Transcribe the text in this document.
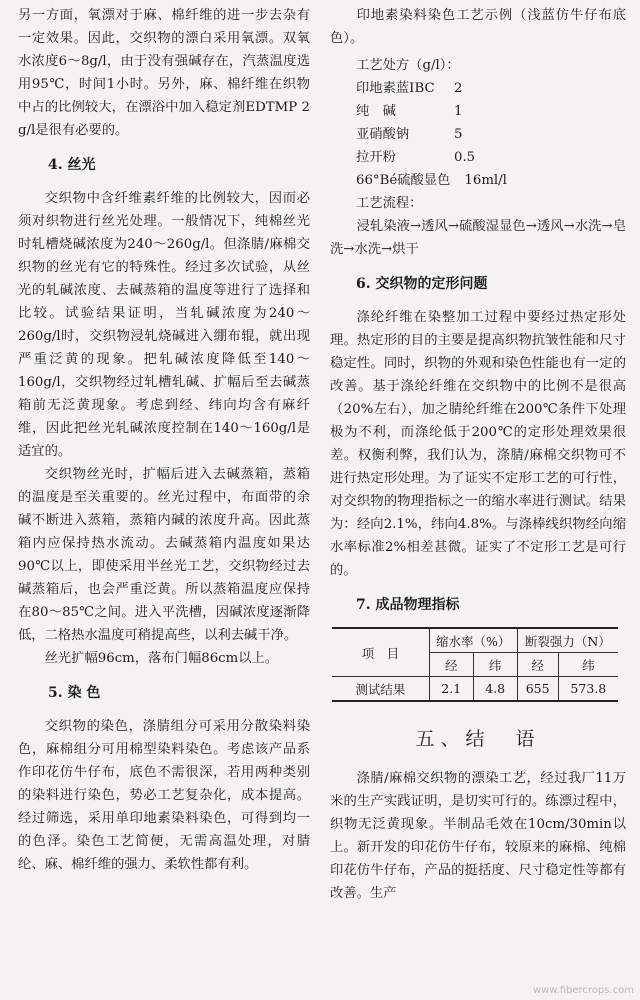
另一方面，氧漂对于麻、棉纤维的进一步去杂有一定效果。因此，交织物的漂白采用氧漂。双氧水浓度6～8g/l，由于没有强碱存在，汽蒸温度选用95℃，时间1小时。另外，麻、棉纤维在织物中占的比例较大，在漂浴中加入稳定剂EDTMP 2 g/l是很有必要的。

4. 丝光

交织物中含纤维素纤维的比例较大，因而必须对织物进行丝光处理。一般情况下，纯棉丝光时轧槽烧碱浓度为240～260g/l。但涤腈/麻棉交织物的丝光有它的特殊性。经过多次试验，从丝光的轧碱浓度、去碱蒸箱的温度等进行了选择和比较。试验结果证明，当轧碱浓度为240～260g/l时，交织物浸轧烧碱进入绷布辊，就出现严重泛黄的现象。把轧碱浓度降低至140～160g/l，交织物经过轧槽轧碱、扩幅后至去碱蒸箱前无泛黄现象。考虑到经、纬向均含有麻纤维，因此把丝光轧碱浓度控制在140～160g/l是适宜的。

交织物丝光时，扩幅后进入去碱蒸箱，蒸箱的温度是至关重要的。丝光过程中，布面带的余碱不断进入蒸箱，蒸箱内碱的浓度升高。因此蒸箱内应保持热水流动。去碱蒸箱内温度如果达90℃以上，即使采用半丝光工艺，交织物经过去碱蒸箱后，也会严重泛黄。所以蒸箱温度应保持在80～85℃之间。进入平洗槽，因碱浓度逐渐降低，二格热水温度可稍提高些，以利去碱干净。

丝光扩幅96cm，落布门幅86cm以上。

5. 染 色

交织物的染色，涤腈组分可采用分散染料染色，麻棉组分可用棉型染料染色。考虑该产品系作印花仿牛仔布，底色不需很深，若用两种类别的染料进行染色，势必工艺复杂化，成本提高。经过筛选，采用单印地素染料染色，可得到均一的色泽。染色工艺简便，无需高温处理，对腈纶、麻、棉纤维的强力、柔软性都有利。

印地素染料染色工艺示例（浅蓝仿牛仔布底色）。

工艺处方（g/l）：
印地素蓝IBC 2
纯　碱	1
亚硝酸钠	5
拉开粉	0.5
66°Bé硫酸显色 16ml/l
工艺流程：

浸轧染液→透风→硫酸湿显色→透风→水洗→皂洗→水洗→烘干

6. 交织物的定形问题

涤纶纤维在染整加工过程中要经过热定形处理。热定形的目的主要是提高织物抗皱性能和尺寸稳定性。同时，织物的外观和染色性能也有一定的改善。基于涤纶纤维在交织物中的比例不是很高（20%左右），加之腈纶纤维在200℃条件下处理极为不利，而涤纶低于200℃的定形处理效果很差。权衡利弊，我们认为，涤腈/麻棉交织物可不进行热定形处理。为了证实不定形工艺的可行性，对交织物的物理指标之一的缩水率进行测试。结果为：经向2.1%，纬向4.8%。与涤棒线织物经向缩水率标准2%相差甚微。证实了不定形工艺是可行的。

7. 成品物理指标
项　目	缩水率（%）		断裂强力（N）	
	经	纬	经	纬
测试结果	2.1	4.8	655	573.8
五、结　语

涤腈/麻棉交织物的漂染工艺，经过我厂11万米的生产实践证明，是切实可行的。练漂过程中，织物无泛黄现象。半制品毛效在10cm/30min以上。新开发的印花仿牛仔布，较原来的麻棉、纯棉印花仿牛仔布，产品的挺括度、尺寸稳定性等都有改善。生产

www.fibercrops.com
